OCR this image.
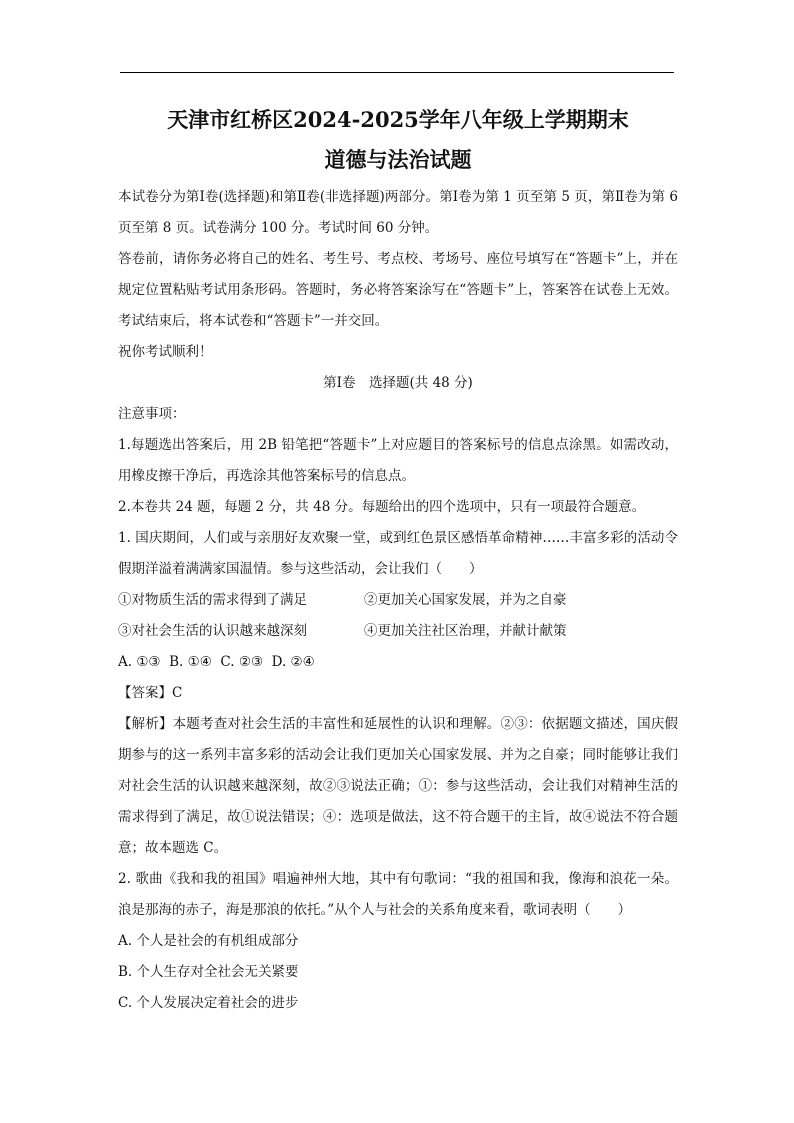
天津市红桥区2024-2025学年八年级上学期期末
道德与法治试题

本试卷分为第Ⅰ卷(选择题)和第Ⅱ卷(非选择题)两部分。第Ⅰ卷为第 1 页至第 5 页，第Ⅱ卷为第 6 页至第 8 页。试卷满分 100 分。考试时间 60 分钟。

答卷前，请你务必将自己的姓名、考生号、考点校、考场号、座位号填写在“答题卡”上，并在规定位置粘贴考试用条形码。答题时，务必将答案涂写在“答题卡”上，答案答在试卷上无效。考试结束后，将本试卷和“答题卡”一并交回。

祝你考试顺利！

第Ⅰ卷　选择题(共 48 分)

注意事项：

1.每题选出答案后，用 2B 铅笔把“答题卡”上对应题目的答案标号的信息点涂黑。如需改动，用橡皮擦干净后，再选涂其他答案标号的信息点。

2.本卷共 24 题，每题 2 分，共 48 分。每题给出的四个选项中，只有一项最符合题意。

1. 国庆期间，人们或与亲朋好友欢聚一堂，或到红色景区感悟革命精神……丰富多彩的活动令假期洋溢着满满家国温情。参与这些活动，会让我们（　　）

①对物质生活的需求得到了满足	②更加关心国家发展，并为之自豪
③对社会生活的认识越来越深刻	④更加关注社区治理，并献计献策

A. ①③  B. ①④  C. ②③  D. ②④

【答案】C

【解析】本题考查对社会生活的丰富性和延展性的认识和理解。②③：依据题文描述，国庆假期参与的这一系列丰富多彩的活动会让我们更加关心国家发展、并为之自豪；同时能够让我们对社会生活的认识越来越深刻，故②③说法正确；①：参与这些活动，会让我们对精神生活的需求得到了满足，故①说法错误；④：选项是做法，这不符合题干的主旨，故④说法不符合题意；故本题选 C。

2. 歌曲《我和我的祖国》唱遍神州大地，其中有句歌词：“我的祖国和我，像海和浪花一朵。浪是那海的赤子，海是那浪的依托。”从个人与社会的关系角度来看，歌词表明（　　）

A. 个人是社会的有机组成部分

B. 个人生存对全社会无关紧要

C. 个人发展决定着社会的进步
